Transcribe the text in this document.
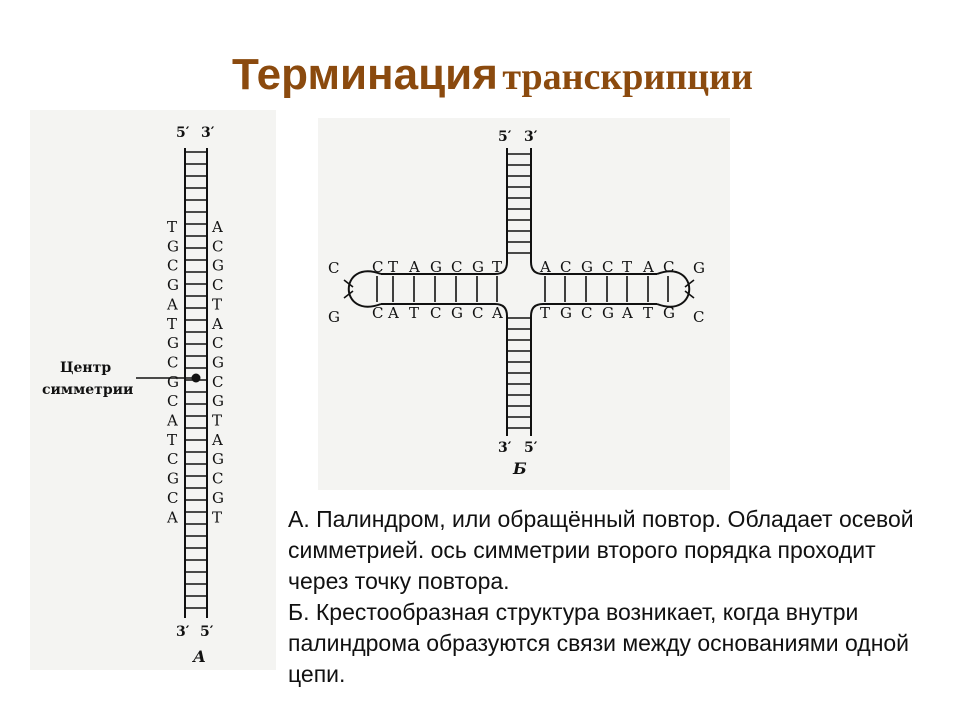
Терминация транскрипции
T
G
C
G
A
T
G
C
G
C
A
T
C
G
C
A
A
C
G
C
T
A
C
G
C
G
T
A
G
C
G
T
5′ 3′
3′ 5′
Центр
симметрии
А
C T A G C G T
C A T C G C A
A C G C T A C
T G C G A T G
5′ 3′
3′ 5′
C
G
G
C
Б

А. Палиндром, или обращённый повтор. Обладает осевой симметрией. ось симметрии второго порядка проходит через точку повтора.

Б. Крестообразная структура возникает, когда внутри палиндрома образуются связи между основаниями одной цепи.
